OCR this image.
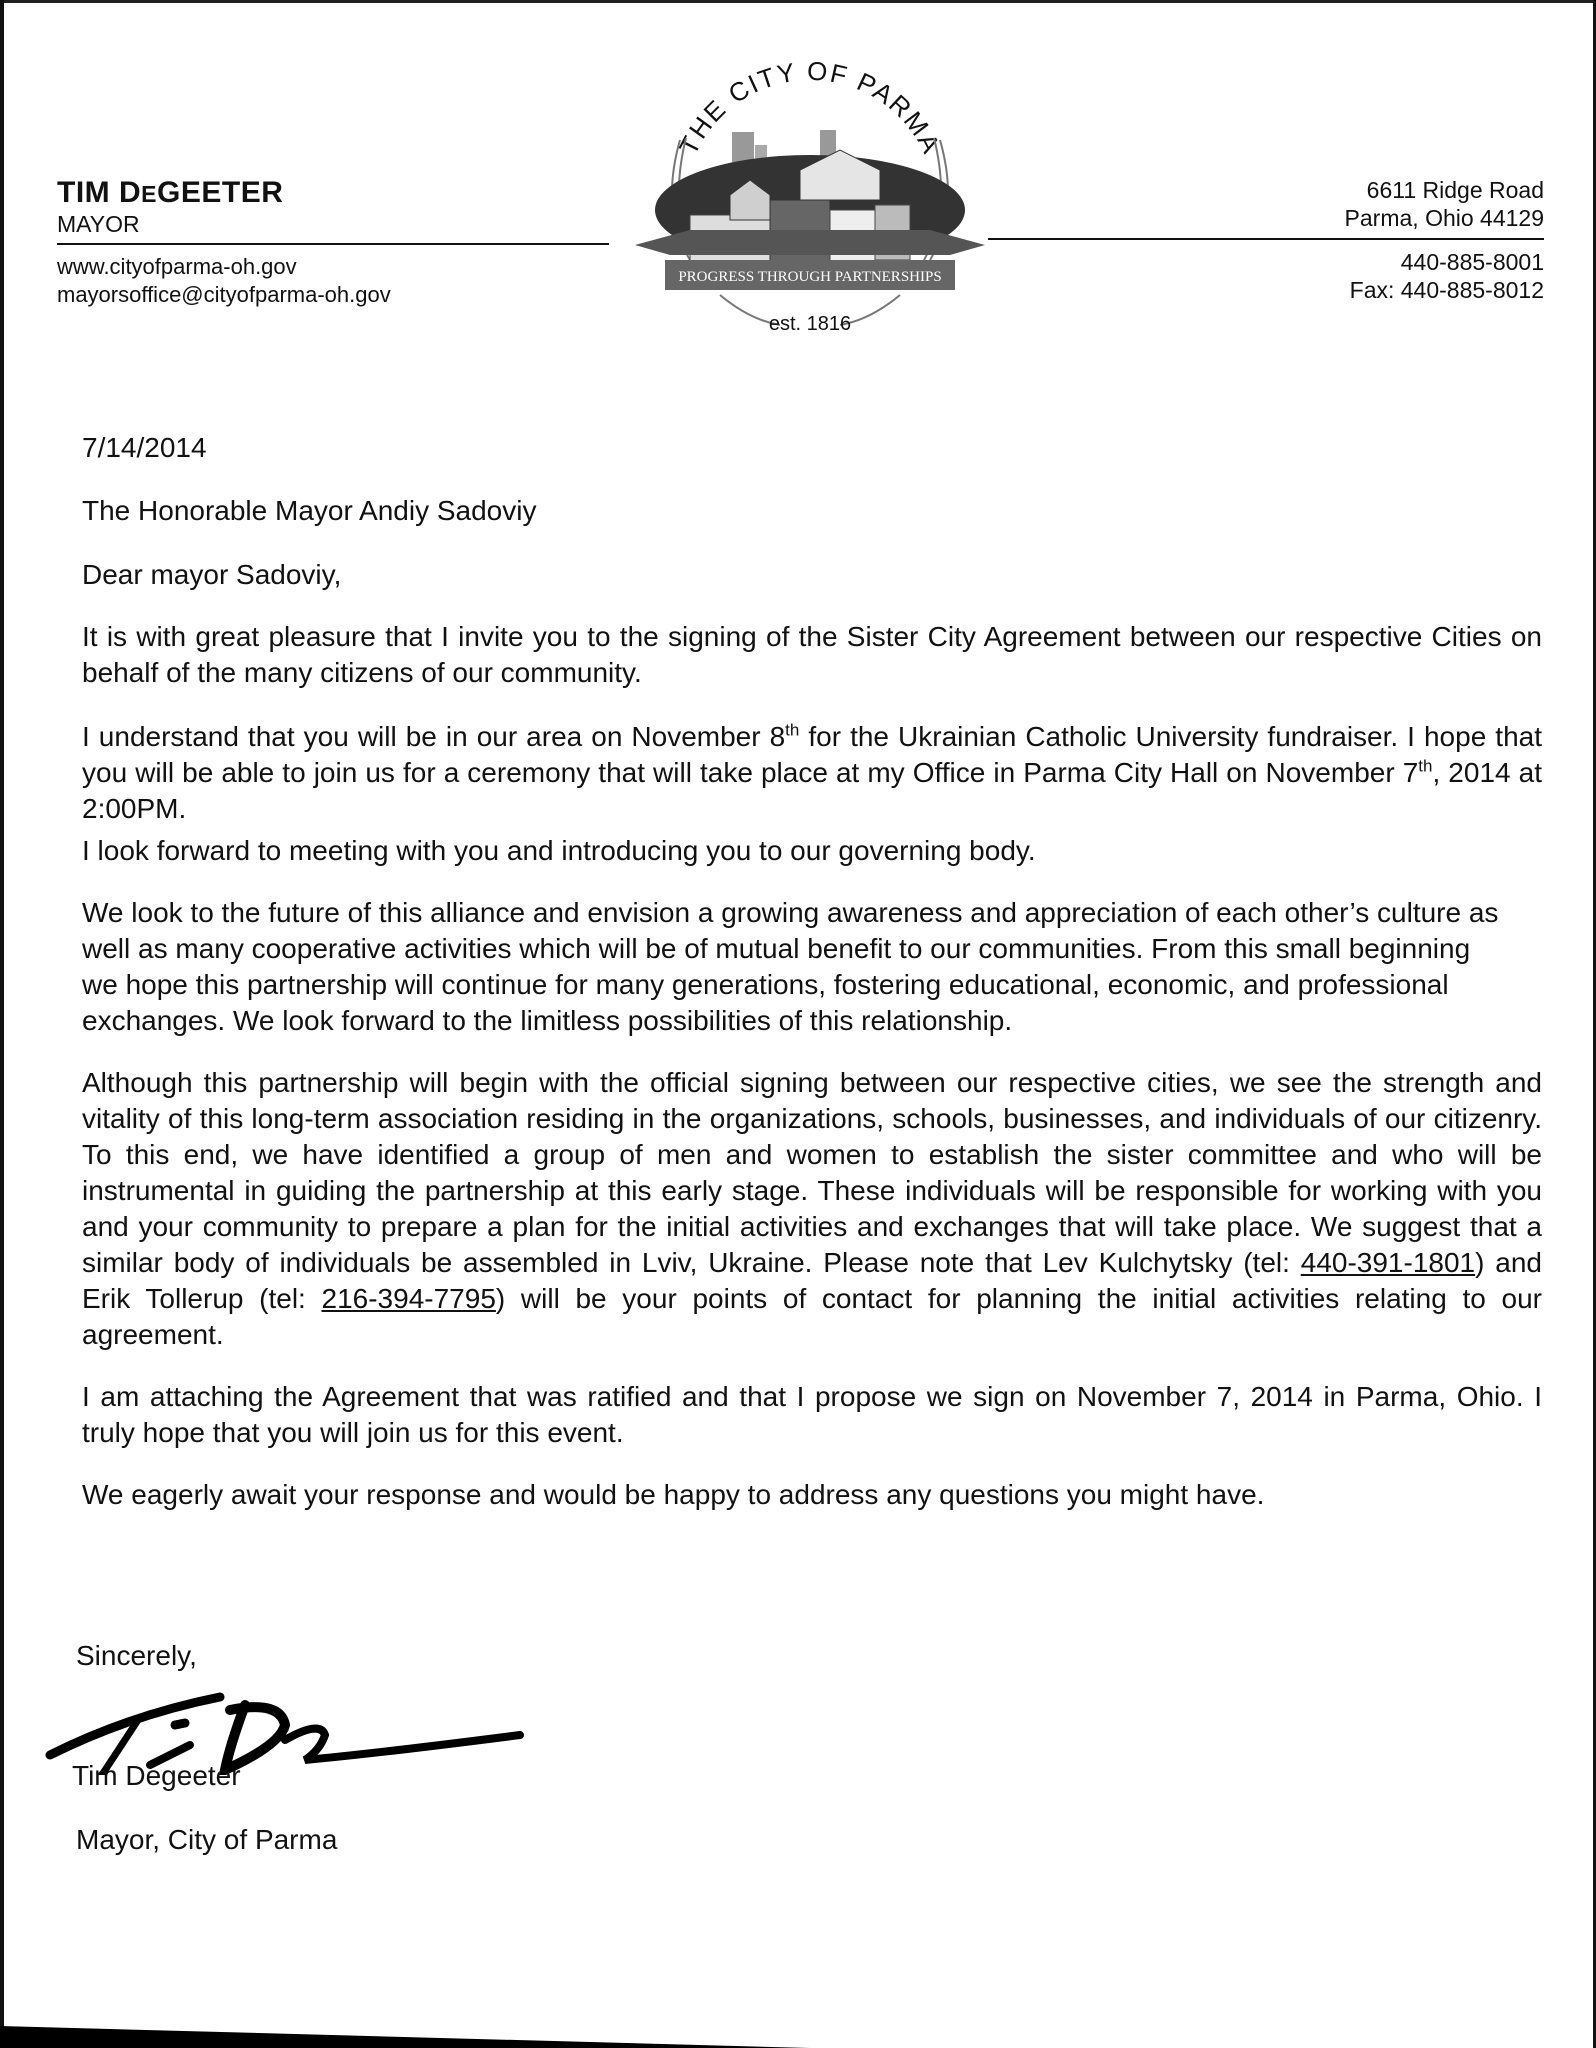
TIM DEGEETER
MAYOR
www.cityofparma-oh.gov
mayorsoffice@cityofparma-oh.gov
THE CITY OF PARMA
PROGRESS THROUGH PARTNERSHIPS
est. 1816
6611 Ridge Road
Parma, Ohio 44129
440-885-8001
Fax: 440-885-8012

7/14/2014

The Honorable Mayor Andiy Sadoviy

Dear mayor Sadoviy,

It is with great pleasure that I invite you to the signing of the Sister City Agreement between our respective Cities on behalf of the many citizens of our community.

I understand that you will be in our area on November 8th for the Ukrainian Catholic University fundraiser. I hope that you will be able to join us for a ceremony that will take place at my Office in Parma City Hall on November 7th, 2014 at 2:00PM.

I look forward to meeting with you and introducing you to our governing body.

We look to the future of this alliance and envision a growing awareness and appreciation of each other’s culture as well as many cooperative activities which will be of mutual benefit to our communities. From this small beginning we hope this partnership will continue for many generations, fostering educational, economic, and professional exchanges. We look forward to the limitless possibilities of this relationship.

Although this partnership will begin with the official signing between our respective cities, we see the strength and vitality of this long-term association residing in the organizations, schools, businesses, and individuals of our citizenry. To this end, we have identified a group of men and women to establish the sister committee and who will be instrumental in guiding the partnership at this early stage. These individuals will be responsible for working with you and your community to prepare a plan for the initial activities and exchanges that will take place. We suggest that a similar body of individuals be assembled in Lviv, Ukraine. Please note that Lev Kulchytsky (tel: 440-391-1801) and Erik Tollerup (tel: 216-394-7795) will be your points of contact for planning the initial activities relating to our agreement.

I am attaching the Agreement that was ratified and that I propose we sign on November 7, 2014 in Parma, Ohio. I truly hope that you will join us for this event.

We eagerly await your response and would be happy to address any questions you might have.

Sincerely,
Tim Degeeter
Mayor, City of Parma
